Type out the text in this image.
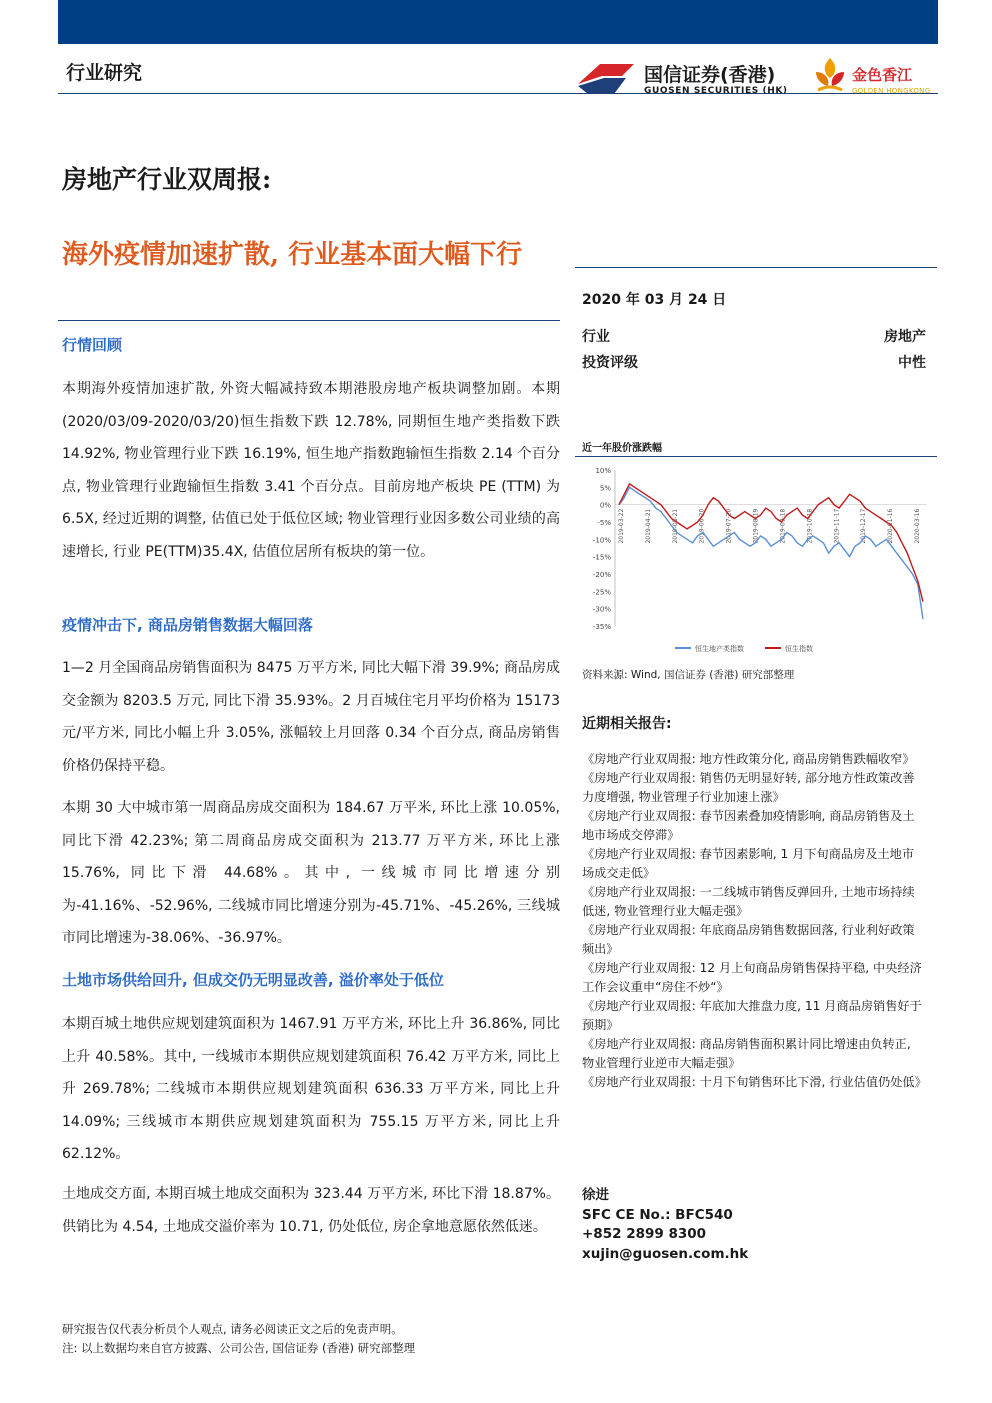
行业研究	国信证券(香港)
GUOSEN SECURITIES (HK)
金色香江
GOLDEN HONGKONG
房地产行业双周报:
海外疫情加速扩散, 行业基本面大幅下行
行情回顾
本期海外疫情加速扩散, 外资大幅减持致本期港股房地产板块调整加剧。本期(2020/03/09-2020/03/20)恒生指数下跌 12.78%, 同期恒生地产类指数下跌 14.92%, 物业管理行业下跌 16.19%, 恒生地产指数跑输恒生指数 2.14 个百分点, 物业管理行业跑输恒生指数 3.41 个百分点。目前房地产板块 PE (TTM) 为 6.5X, 经过近期的调整, 估值已处于低位区域; 物业管理行业因多数公司业绩的高速增长, 行业 PE(TTM)35.4X, 估值位居所有板块的第一位。
疫情冲击下, 商品房销售数据大幅回落
1—2 月全国商品房销售面积为 8475 万平方米, 同比大幅下滑 39.9%; 商品房成交金额为 8203.5 万元, 同比下滑 35.93%。2 月百城住宅月平均价格为 15173 元/平方米, 同比小幅上升 3.05%, 涨幅较上月回落 0.34 个百分点, 商品房销售价格仍保持平稳。
本期 30 大中城市第一周商品房成交面积为 184.67 万平米, 环比上涨 10.05%, 同比下滑 42.23%; 第二周商品房成交面积为 213.77 万平方米, 环比上涨 15.76%, 同比下滑 44.68%。其中, 一线城市同比增速分别为-41.16%、-52.96%, 二线城市同比增速分别为-45.71%、-45.26%, 三线城市同比增速为-38.06%、-36.97%。
土地市场供给回升, 但成交仍无明显改善, 溢价率处于低位
本期百城土地供应规划建筑面积为 1467.91 万平方米, 环比上升 36.86%, 同比上升 40.58%。其中, 一线城市本期供应规划建筑面积 76.42 万平方米, 同比上升 269.78%; 二线城市本期供应规划建筑面积 636.33 万平方米, 同比上升 14.09%; 三线城市本期供应规划建筑面积为 755.15 万平方米, 同比上升 62.12%。
土地成交方面, 本期百城土地成交面积为 323.44 万平方米, 环比下滑 18.87%。供销比为 4.54, 土地成交溢价率为 10.71, 仍处低位, 房企拿地意愿依然低迷。
2020 年 03 月 24 日
行业	房地产
投资评级	中性
近一年股价涨跌幅
10%
5%
0%
-5%
-10%
-15%
-20%
-25%
-30%
-35%
2019-03-22	2019-04-21	2019-05-21	2019-06-20	2019-07-20	2019-08-19	2019-09-18	2019-10-18	2019-11-17	2019-12-17	2020-01-16	2020-03-16
恒生地产类指数	恒生指数
资料来源: Wind, 国信证券 (香港) 研究部整理
近期相关报告:
《房地产行业双周报: 地方性政策分化, 商品房销售跌幅收窄》
《房地产行业双周报: 销售仍无明显好转, 部分地方性政策改善力度增强, 物业管理子行业加速上涨》
《房地产行业双周报: 春节因素叠加疫情影响, 商品房销售及土地市场成交停滞》
《房地产行业双周报: 春节因素影响, 1 月下旬商品房及土地市场成交走低》
《房地产行业双周报: 一二线城市销售反弹回升, 土地市场持续低迷, 物业管理行业大幅走强》
《房地产行业双周报: 年底商品房销售数据回落, 行业利好政策频出》
《房地产行业双周报: 12 月上旬商品房销售保持平稳, 中央经济工作会议重申“房住不炒“》
《房地产行业双周报: 年底加大推盘力度, 11 月商品房销售好于预期》
《房地产行业双周报: 商品房销售面积累计同比增速由负转正, 物业管理行业逆市大幅走强》
《房地产行业双周报: 十月下旬销售环比下滑, 行业估值仍处低》
徐进
SFC CE No.: BFC540
+852 2899 8300
xujin@guosen.com.hk
研究报告仅代表分析员个人观点, 请务必阅读正文之后的免责声明。
注: 以上数据均来自官方披露、公司公告, 国信证券 (香港) 研究部整理
